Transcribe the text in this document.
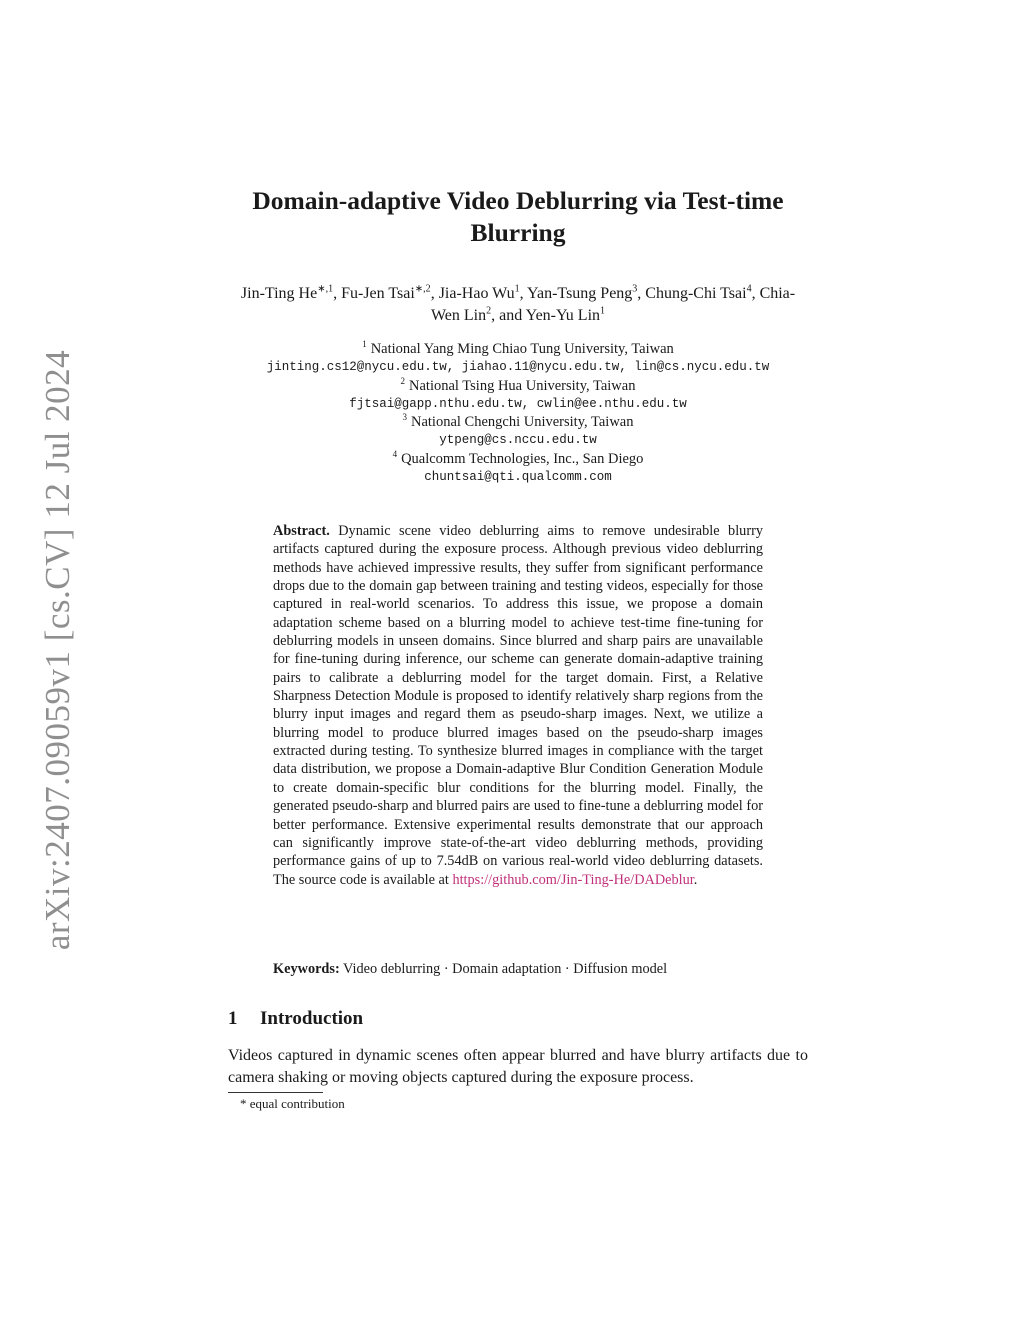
arXiv:2407.09059v1 [cs.CV] 12 Jul 2024
Domain-adaptive Video Deblurring via Test-time
Blurring
Jin-Ting $He^{∗,1}$, Fu-Jen Tsai$^{∗,2}$, Jia-Hao Wu$^1$, Yan-Tsung Peng$^3$, Chung-Chi Tsai$^4$, Chia-Wen Lin$^2$, and Yen-Yu Lin$^1$
$^1$ National Yang Ming Chiao Tung University, Taiwan
jinting.cs12@nycu.edu.tw, jiahao.11@nycu.edu.tw, lin@cs.nycu.edu.tw
$^2$ National Tsing Hua University, Taiwan
fjtsai@gapp.nthu.edu.tw, cwlin@ee.nthu.edu.tw
$^3$ National Chengchi University, Taiwan
ytpeng@cs.nccu.edu.tw
$^4$ Qualcomm Technologies, Inc., San Diego
chuntsai@qti.qualcomm.com
Abstract. Dynamic scene video deblurring aims to remove undesirable blurry artifacts captured during the exposure process. Although previous video deblurring methods have achieved impressive results, they suffer from significant performance drops due to the domain gap between training and testing videos, especially for those captured in real-world scenarios. To address this issue, we propose a domain adaptation scheme based on a blurring model to achieve test-time fine-tuning for deblurring models in unseen domains. Since blurred and sharp pairs are unavailable for fine-tuning during inference, our scheme can generate domain-adaptive training pairs to calibrate a deblurring model for the target domain. First, a Relative Sharpness Detection Module is proposed to identify relatively sharp regions from the blurry input images and regard them as pseudo-sharp images. Next, we utilize a blurring model to produce blurred images based on the pseudo-sharp images extracted during testing. To synthesize blurred images in compliance with the target data distribution, we propose a Domain-adaptive Blur Condition Generation Module to create domain-specific blur conditions for the blurring model. Finally, the generated pseudo-sharp and blurred pairs are used to fine-tune a deblurring model for better performance. Extensive experimental results demonstrate that our approach can significantly improve state-of-the-art video deblurring methods, providing performance gains of up to 7.54dB on various real-world video deblurring datasets. The source code is available at https://github.com/Jin-Ting-He/DADeblur.
Keywords: Video deblurring · Domain adaptation · Diffusion model
1 Introduction
Videos captured in dynamic scenes often appear blurred and have blurry artifacts due to camera shaking or moving objects captured during the exposure process.
* equal contribution
